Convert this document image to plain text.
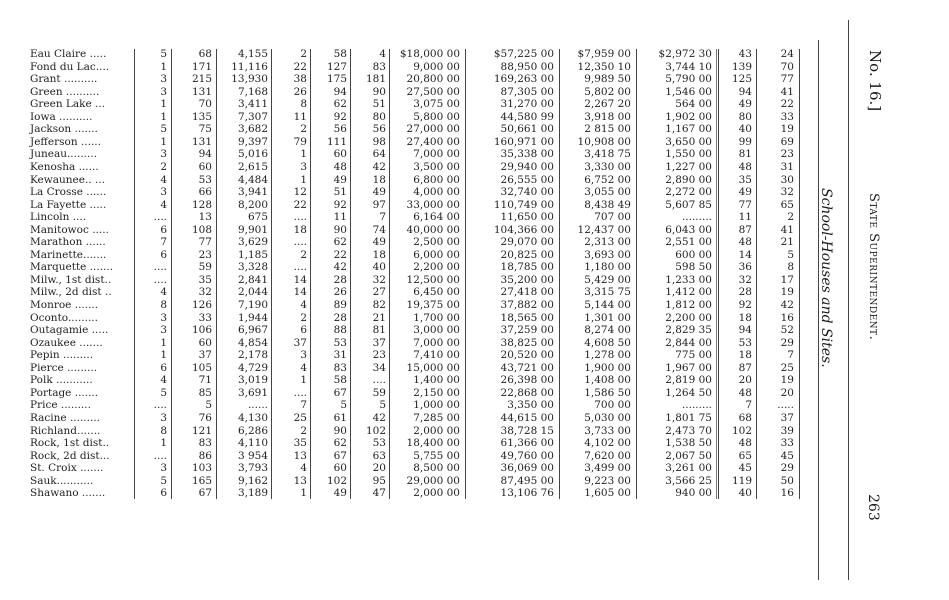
Eau Claire .....	5	68	4,155	2	58	4	$18,000 00	$57,225 00	$7,959 00	$2,972 30	43	24
Fond du Lac....	1	171	11,116	22	127	83	9,000 00	88,950 00	12,350 10	3,744 10	139	70
Grant ..........	3	215	13,930	38	175	181	20,800 00	169,263 00	9,989 50	5,790 00	125	77
Green ..........	3	131	7,168	26	94	90	27,500 00	87,305 00	5,802 00	1,546 00	94	41
Green Lake ...	1	70	3,411	8	62	51	3,075 00	31,270 00	2,267 20	564 00	49	22
Iowa ..........	1	135	7,307	11	92	80	5,800 00	44,580 99	3,918 00	1,902 00	80	33
Jackson .......	5	75	3,682	2	56	56	27,000 00	50,661 00	2 815 00	1,167 00	40	19
Jefferson ......	1	131	9,397	79	111	98	27,400 00	160,971 00	10,908 00	3,650 00	99	69
Juneau.........	3	94	5,016	1	60	64	7,000 00	35,338 00	3,418 75	1,550 00	81	23
Kenosha ......	2	60	2,615	3	48	42	3,500 00	29,940 00	3,330 00	1,227 00	48	31
Kewaunee.. ...	4	53	4,484	1	49	18	6,800 00	26,555 00	6,752 00	2,890 00	35	30
La Crosse ......	3	66	3,941	12	51	49	4,000 00	32,740 00	3,055 00	2,272 00	49	32
La Fayette .....	4	128	8,200	22	92	97	33,000 00	110,749 00	8,438 49	5,607 85	77	65
Lincoln ....	....	13	675	....	11	7	6,164 00	11,650 00	707 00	.........	11	2
Manitowoc .....	6	108	9,901	18	90	74	40,000 00	104,366 00	12,437 00	6,043 00	87	41
Marathon ......	7	77	3,629	....	62	49	2,500 00	29,070 00	2,313 00	2,551 00	48	21
Marinette.......	6	23	1,185	2	22	18	6,000 00	20,825 00	3,693 00	600 00	14	5
Marquette .......	....	59	3,328	....	42	40	2,200 00	18,785 00	1,180 00	598 50	36	8
Milw., 1st dist..	....	35	2,841	14	28	32	12,500 00	35,200 00	5,429 00	1,233 00	32	17
Milw., 2d dist ..	4	32	2,044	14	26	27	6,450 00	27,418 00	3,315 75	1,412 00	28	19
Monroe .......	8	126	7,190	4	89	82	19,375 00	37,882 00	5,144 00	1,812 00	92	42
Oconto.........	3	33	1,944	2	28	21	1,700 00	18,565 00	1,301 00	2,200 00	18	16
Outagamie .....	3	106	6,967	6	88	81	3,000 00	37,259 00	8,274 00	2,829 35	94	52
Ozaukee .......	1	60	4,854	37	53	37	7,000 00	38,825 00	4,608 50	2,844 00	53	29
Pepin .........	1	37	2,178	3	31	23	7,410 00	20,520 00	1,278 00	775 00	18	7
Pierce .........	6	105	4,729	4	83	34	15,000 00	43,721 00	1,900 00	1,967 00	87	25
Polk ...........	4	71	3,019	1	58	....	1,400 00	26,398 00	1,408 00	2,819 00	20	19
Portage .......	5	85	3,691	....	67	59	2,150 00	22,868 00	1,586 50	1,264 50	48	20
Price .........	....	5	......	7	5	5	1,000 00	3,350 00	700 00	.........	7	.....
Racine .........	3	76	4,130	25	61	42	7,285 00	44,615 00	5,030 00	1,801 75	68	37
Richland.......	8	121	6,286	2	90	102	2,000 00	38,728 15	3,733 00	2,473 70	102	39
Rock, 1st dist..	1	83	4,110	35	62	53	18,400 00	61,366 00	4,102 00	1,538 50	48	33
Rock, 2d dist...	....	86	3 954	13	67	63	5,755 00	49,760 00	7,620 00	2,067 50	65	45
St. Croix .......	3	103	3,793	4	60	20	8,500 00	36,069 00	3,499 00	3,261 00	45	29
Sauk...........	5	165	9,162	13	102	95	29,000 00	87,495 00	9,223 00	3,566 25	119	50
Shawano .......	6	67	3,189	1	49	47	2,000 00	13,106 76	1,605 00	940 00	40	16
No. 16.]
State Superintendent.
School-Houses and Sites.
263
